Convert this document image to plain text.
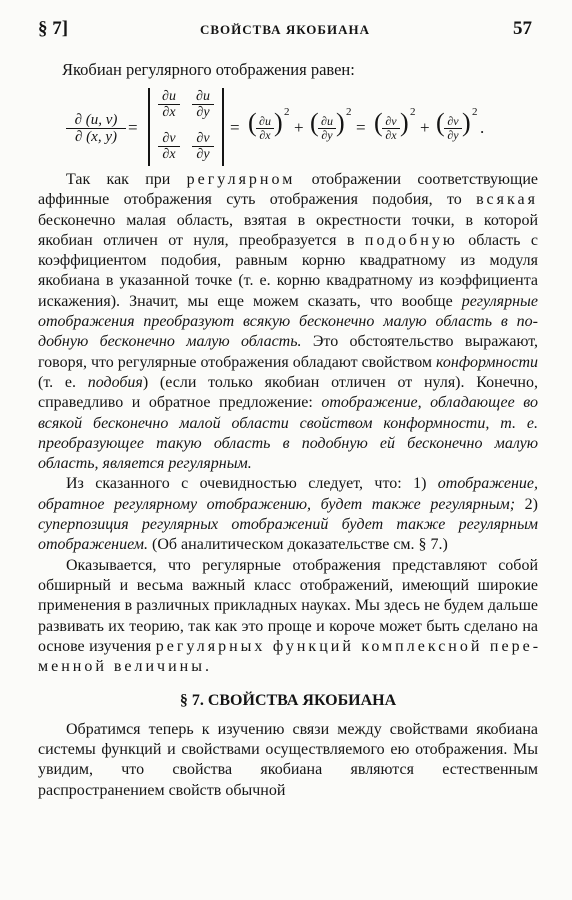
§ 7]	СВОЙСТВА ЯКОБИАНА	57
Якобиан регулярного отображения равен:
$\frac{\partial (u, v)}{\partial (x, y)}$ =
$\frac{\partial u}{\partial x} \frac{\partial u}{\partial y}$
$\frac{\partial v}{\partial x} \frac{\partial v}{\partial y}$
= ( $\frac{\partial u}{\partial x}$ ) 2
+ ( $\frac{\partial u}{\partial y}$ ) 2
= ( $\frac{\partial v}{\partial x}$ ) 2
+ ( $\frac{\partial v}{\partial y}$ ) 2
.

Так как при регулярном отображении соответствующие аффинные отображения суть отображения подобия, то всякая бесконечно малая область, взятая в окрестности точки, в которой якобиан отличен от нуля, преобразуется в подобную область с коэффициентом подобия, равным корню квадратному из модуля якобиана в указанной точке (т. е. корню квадратному из коэффициента искажения). Значит, мы еще можем сказать, что вообще регулярные отображения преобразуют всякую бесконечно малую область в подобную бесконечно малую область. Это обстоятельство выражают, говоря, что регулярные отображения обладают свойством конформности (т. е. подобия) (если только якобиан отличен от нуля). Конечно, справедливо и обратное предложение: отображение, обладающее во всякой бесконечно малой области свойством конформности, т. е. преобразующее такую область в подобную ей бесконечно малую область, является регулярным.

Из сказанного с очевидностью следует, что: 1) отображение, обратное регулярному отображению, будет также регулярным; 2) суперпозиция регулярных отображений будет также регулярным отображением. (Об аналитическом доказательстве см. § 7.)

Оказывается, что регулярные отображения представляют собой обширный и весьма важный класс отображений, имеющий широкие применения в различных прикладных науках. Мы здесь не будем дальше развивать их теорию, так как это проще и короче может быть сделано на основе изучения регулярных функций комплексной переменной величины.

§ 7. СВОЙСТВА ЯКОБИАНА

Обратимся теперь к изучению связи между свойствами якобиана системы функций и свойствами осуществляемого ею отображения. Мы увидим, что свойства якобиана являются естественным распространением свойств обычной
